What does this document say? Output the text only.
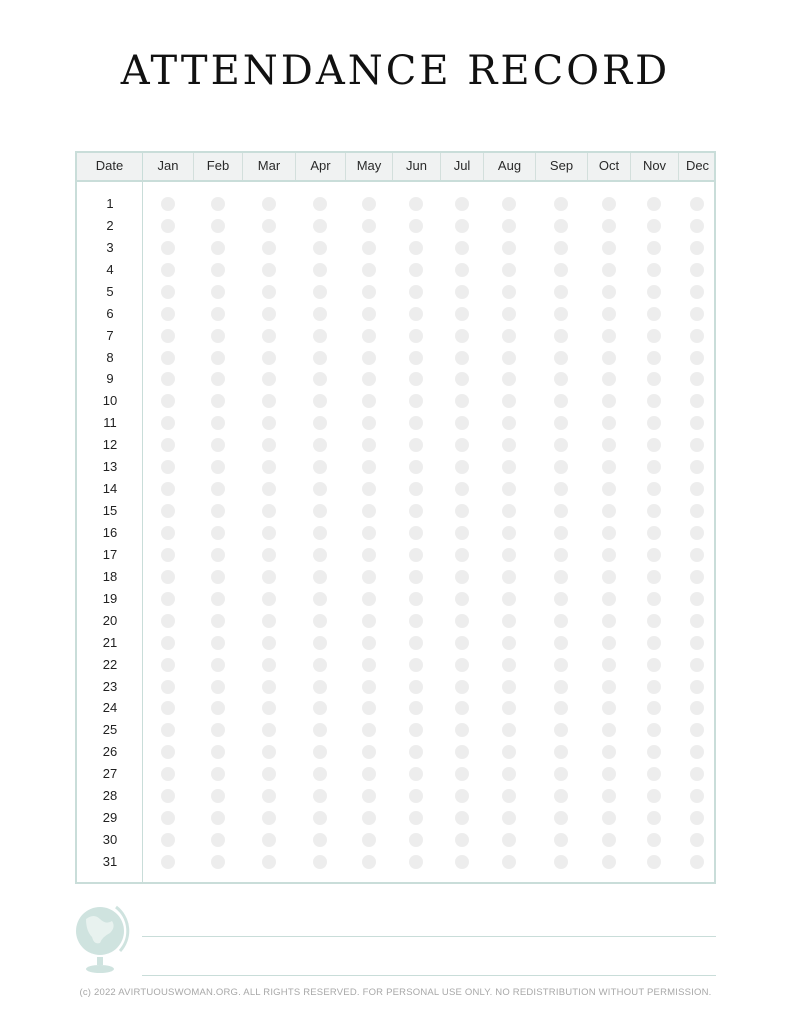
ATTENDANCE RECORD
Date	Jan	Feb	Mar	Apr	May	Jun	Jul	Aug	Sep	Oct	Nov	Dec
1
2
3
4
5
6
7
8
9
10
11
12
13
14
15
16
17
18
19
20
21
22
23
24
25
26
27
28
29
30
31
(c) 2022 AVIRTUOUSWOMAN.ORG. ALL RIGHTS RESERVED. FOR PERSONAL USE ONLY. NO REDISTRIBUTION WITHOUT PERMISSION.
